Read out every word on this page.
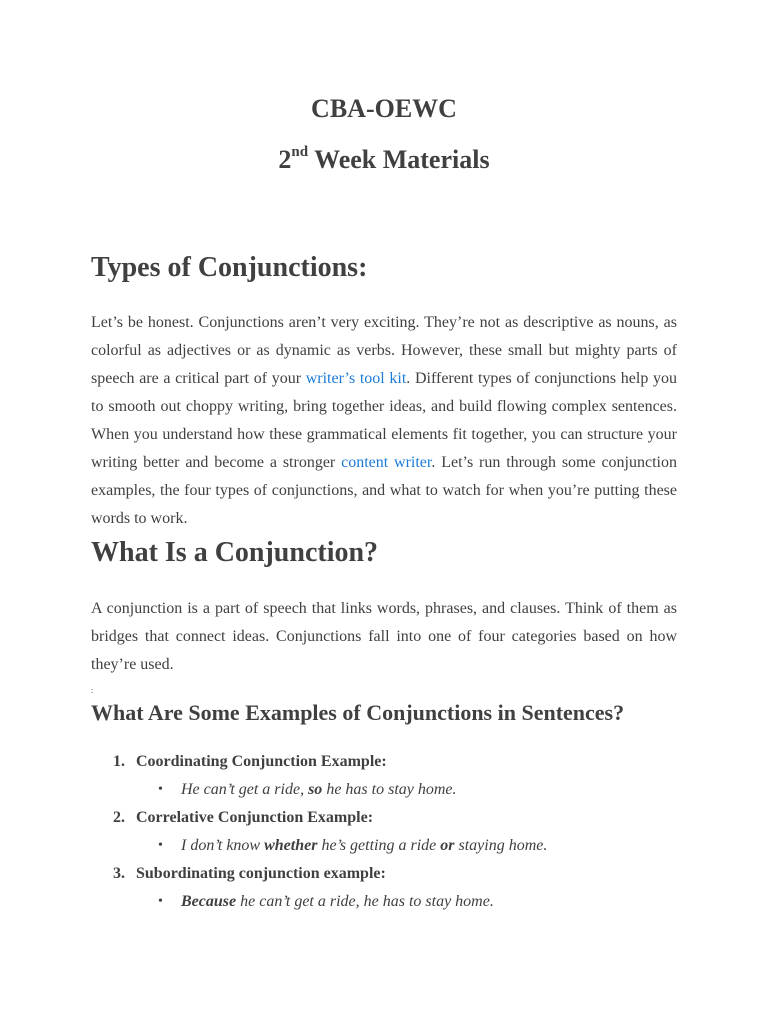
CBA-OEWC
2nd Week Materials
Types of Conjunctions:
Let’s be honest. Conjunctions aren’t very exciting. They’re not as descriptive as nouns, as colorful as adjectives or as dynamic as verbs. However, these small but mighty parts of speech are a critical part of your writer’s tool kit. Different types of conjunctions help you to smooth out choppy writing, bring together ideas, and build flowing complex sentences. When you understand how these grammatical elements fit together, you can structure your writing better and become a stronger content writer. Let’s run through some conjunction examples, the four types of conjunctions, and what to watch for when you’re putting these words to work.
What Is a Conjunction?
A conjunction is a part of speech that links words, phrases, and clauses. Think of them as bridges that connect ideas. Conjunctions fall into one of four categories based on how they’re used.
:
What Are Some Examples of Conjunctions in Sentences?
1. Coordinating Conjunction Example:
• He can’t get a ride, so he has to stay home.
2. Correlative Conjunction Example:
• I don’t know whether he’s getting a ride or staying home.
3. Subordinating conjunction example:
• Because he can’t get a ride, he has to stay home.
